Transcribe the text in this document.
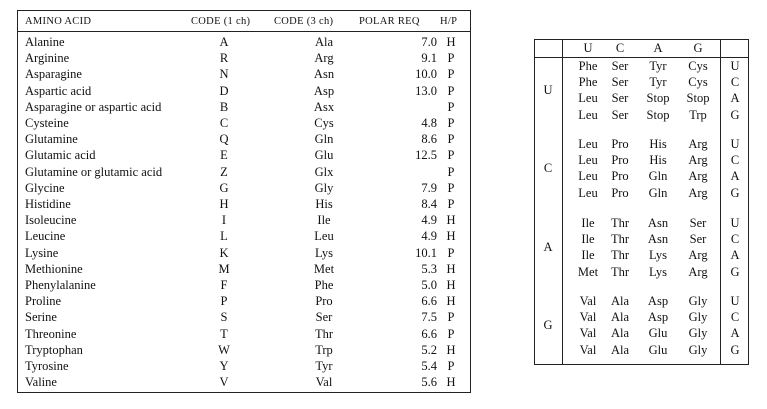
AMINO ACID	CODE (1 ch) CODE (3 ch) POLAR REQ H/P
Alanine	A	Ala	7.0 H
Arginine	R	Arg	9.1 P
Asparagine	N	Asn	10.0 P
Aspartic acid	D	Asp	13.0 P
Asparagine or aspartic acid	B	Asx	P
Cysteine	C	Cys	4.8 P
Glutamine	Q	Gln	8.6 P
Glutamic acid	E	Glu	12.5 P
Glutamine or glutamic acid	Z	Glx	P
Glycine	G	Gly	7.9 P
Histidine	H	His	8.4 P
Isoleucine	I	Ile	4.9 H
Leucine	L	Leu	4.9 H
Lysine	K	Lys	10.1 P
Methionine	M	Met	5.3 H
Phenylalanine	F	Phe	5.0 H
Proline	P	Pro	6.6 H
Serine	S	Ser	7.5 P
Threonine	T	Thr	6.6 P
Tryptophan	W	Trp	5.2 H
Tyrosine	Y	Tyr	5.4 P
Valine	V	Val	5.6 H
U	C	A	G
U
Phe	Ser	Tyr	Cys	U
Phe	Ser	Tyr	Cys	C
Leu	Ser	Stop	Stop	A
Leu	Ser	Stop	Trp	G
C
Leu	Pro	His	Arg	U
Leu	Pro	His	Arg	C
Leu	Pro	Gln	Arg	A
Leu	Pro	Gln	Arg	G
A
Ile	Thr	Asn	Ser	U
Ile	Thr	Asn	Ser	C
Ile	Thr	Lys	Arg	A
Met	Thr	Lys	Arg	G
G
Val	Ala	Asp	Gly	U
Val	Ala	Asp	Gly	C
Val	Ala	Glu	Gly	A
Val	Ala	Glu	Gly	G
